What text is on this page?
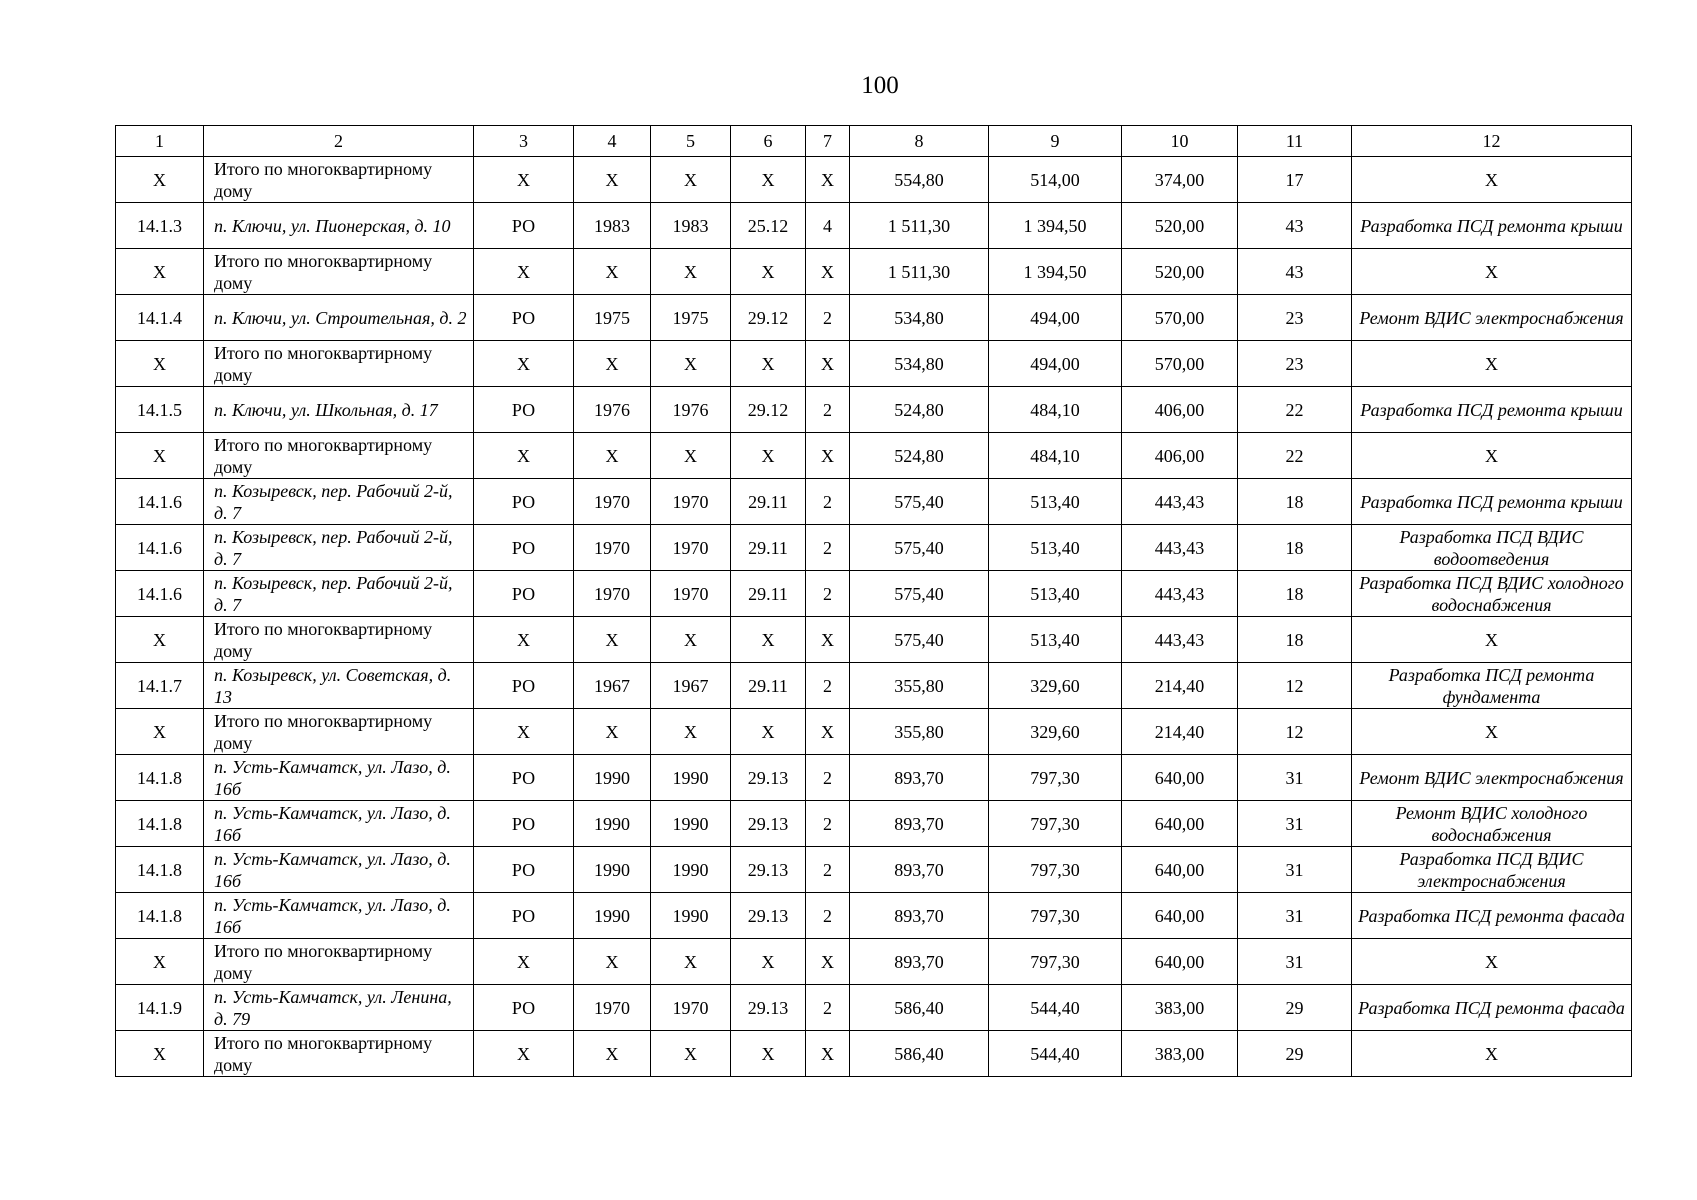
100
1	2	3	4	5	6	7	8	9	10	11	12
Х	Итого по многоквартирному дому	Х	Х	Х	Х	Х	554,80	514,00	374,00	17	Х
14.1.3	п. Ключи, ул. Пионерская, д. 10	РО	1983	1983	25.12	4	1 511,30	1 394,50	520,00	43	Разработка ПСД ремонта крыши
Х	Итого по многоквартирному дому	Х	Х	Х	Х	Х	1 511,30	1 394,50	520,00	43	Х
14.1.4	п. Ключи, ул. Строительная, д. 2	РО	1975	1975	29.12	2	534,80	494,00	570,00	23	Ремонт ВДИС электроснабжения
Х	Итого по многоквартирному дому	Х	Х	Х	Х	Х	534,80	494,00	570,00	23	Х
14.1.5	п. Ключи, ул. Школьная, д. 17	РО	1976	1976	29.12	2	524,80	484,10	406,00	22	Разработка ПСД ремонта крыши
Х	Итого по многоквартирному дому	Х	Х	Х	Х	Х	524,80	484,10	406,00	22	Х
14.1.6	п. Козыревск, пер. Рабочий 2-й, д. 7	РО	1970	1970	29.11	2	575,40	513,40	443,43	18	Разработка ПСД ремонта крыши
14.1.6	п. Козыревск, пер. Рабочий 2-й, д. 7	РО	1970	1970	29.11	2	575,40	513,40	443,43	18	Разработка ПСД ВДИС водоотведения
14.1.6	п. Козыревск, пер. Рабочий 2-й, д. 7	РО	1970	1970	29.11	2	575,40	513,40	443,43	18	Разработка ПСД ВДИС холодного водоснабжения
Х	Итого по многоквартирному дому	Х	Х	Х	Х	Х	575,40	513,40	443,43	18	Х
14.1.7	п. Козыревск, ул. Советская, д. 13	РО	1967	1967	29.11	2	355,80	329,60	214,40	12	Разработка ПСД ремонта фундамента
Х	Итого по многоквартирному дому	Х	Х	Х	Х	Х	355,80	329,60	214,40	12	Х
14.1.8	п. Усть-Камчатск, ул. Лазо, д. 16б	РО	1990	1990	29.13	2	893,70	797,30	640,00	31	Ремонт ВДИС электроснабжения
14.1.8	п. Усть-Камчатск, ул. Лазо, д. 16б	РО	1990	1990	29.13	2	893,70	797,30	640,00	31	Ремонт ВДИС холодного водоснабжения
14.1.8	п. Усть-Камчатск, ул. Лазо, д. 16б	РО	1990	1990	29.13	2	893,70	797,30	640,00	31	Разработка ПСД ВДИС электроснабжения
14.1.8	п. Усть-Камчатск, ул. Лазо, д. 16б	РО	1990	1990	29.13	2	893,70	797,30	640,00	31	Разработка ПСД ремонта фасада
Х	Итого по многоквартирному дому	Х	Х	Х	Х	Х	893,70	797,30	640,00	31	Х
14.1.9	п. Усть-Камчатск, ул. Ленина, д. 79	РО	1970	1970	29.13	2	586,40	544,40	383,00	29	Разработка ПСД ремонта фасада
Х	Итого по многоквартирному дому	Х	Х	Х	Х	Х	586,40	544,40	383,00	29	Х
